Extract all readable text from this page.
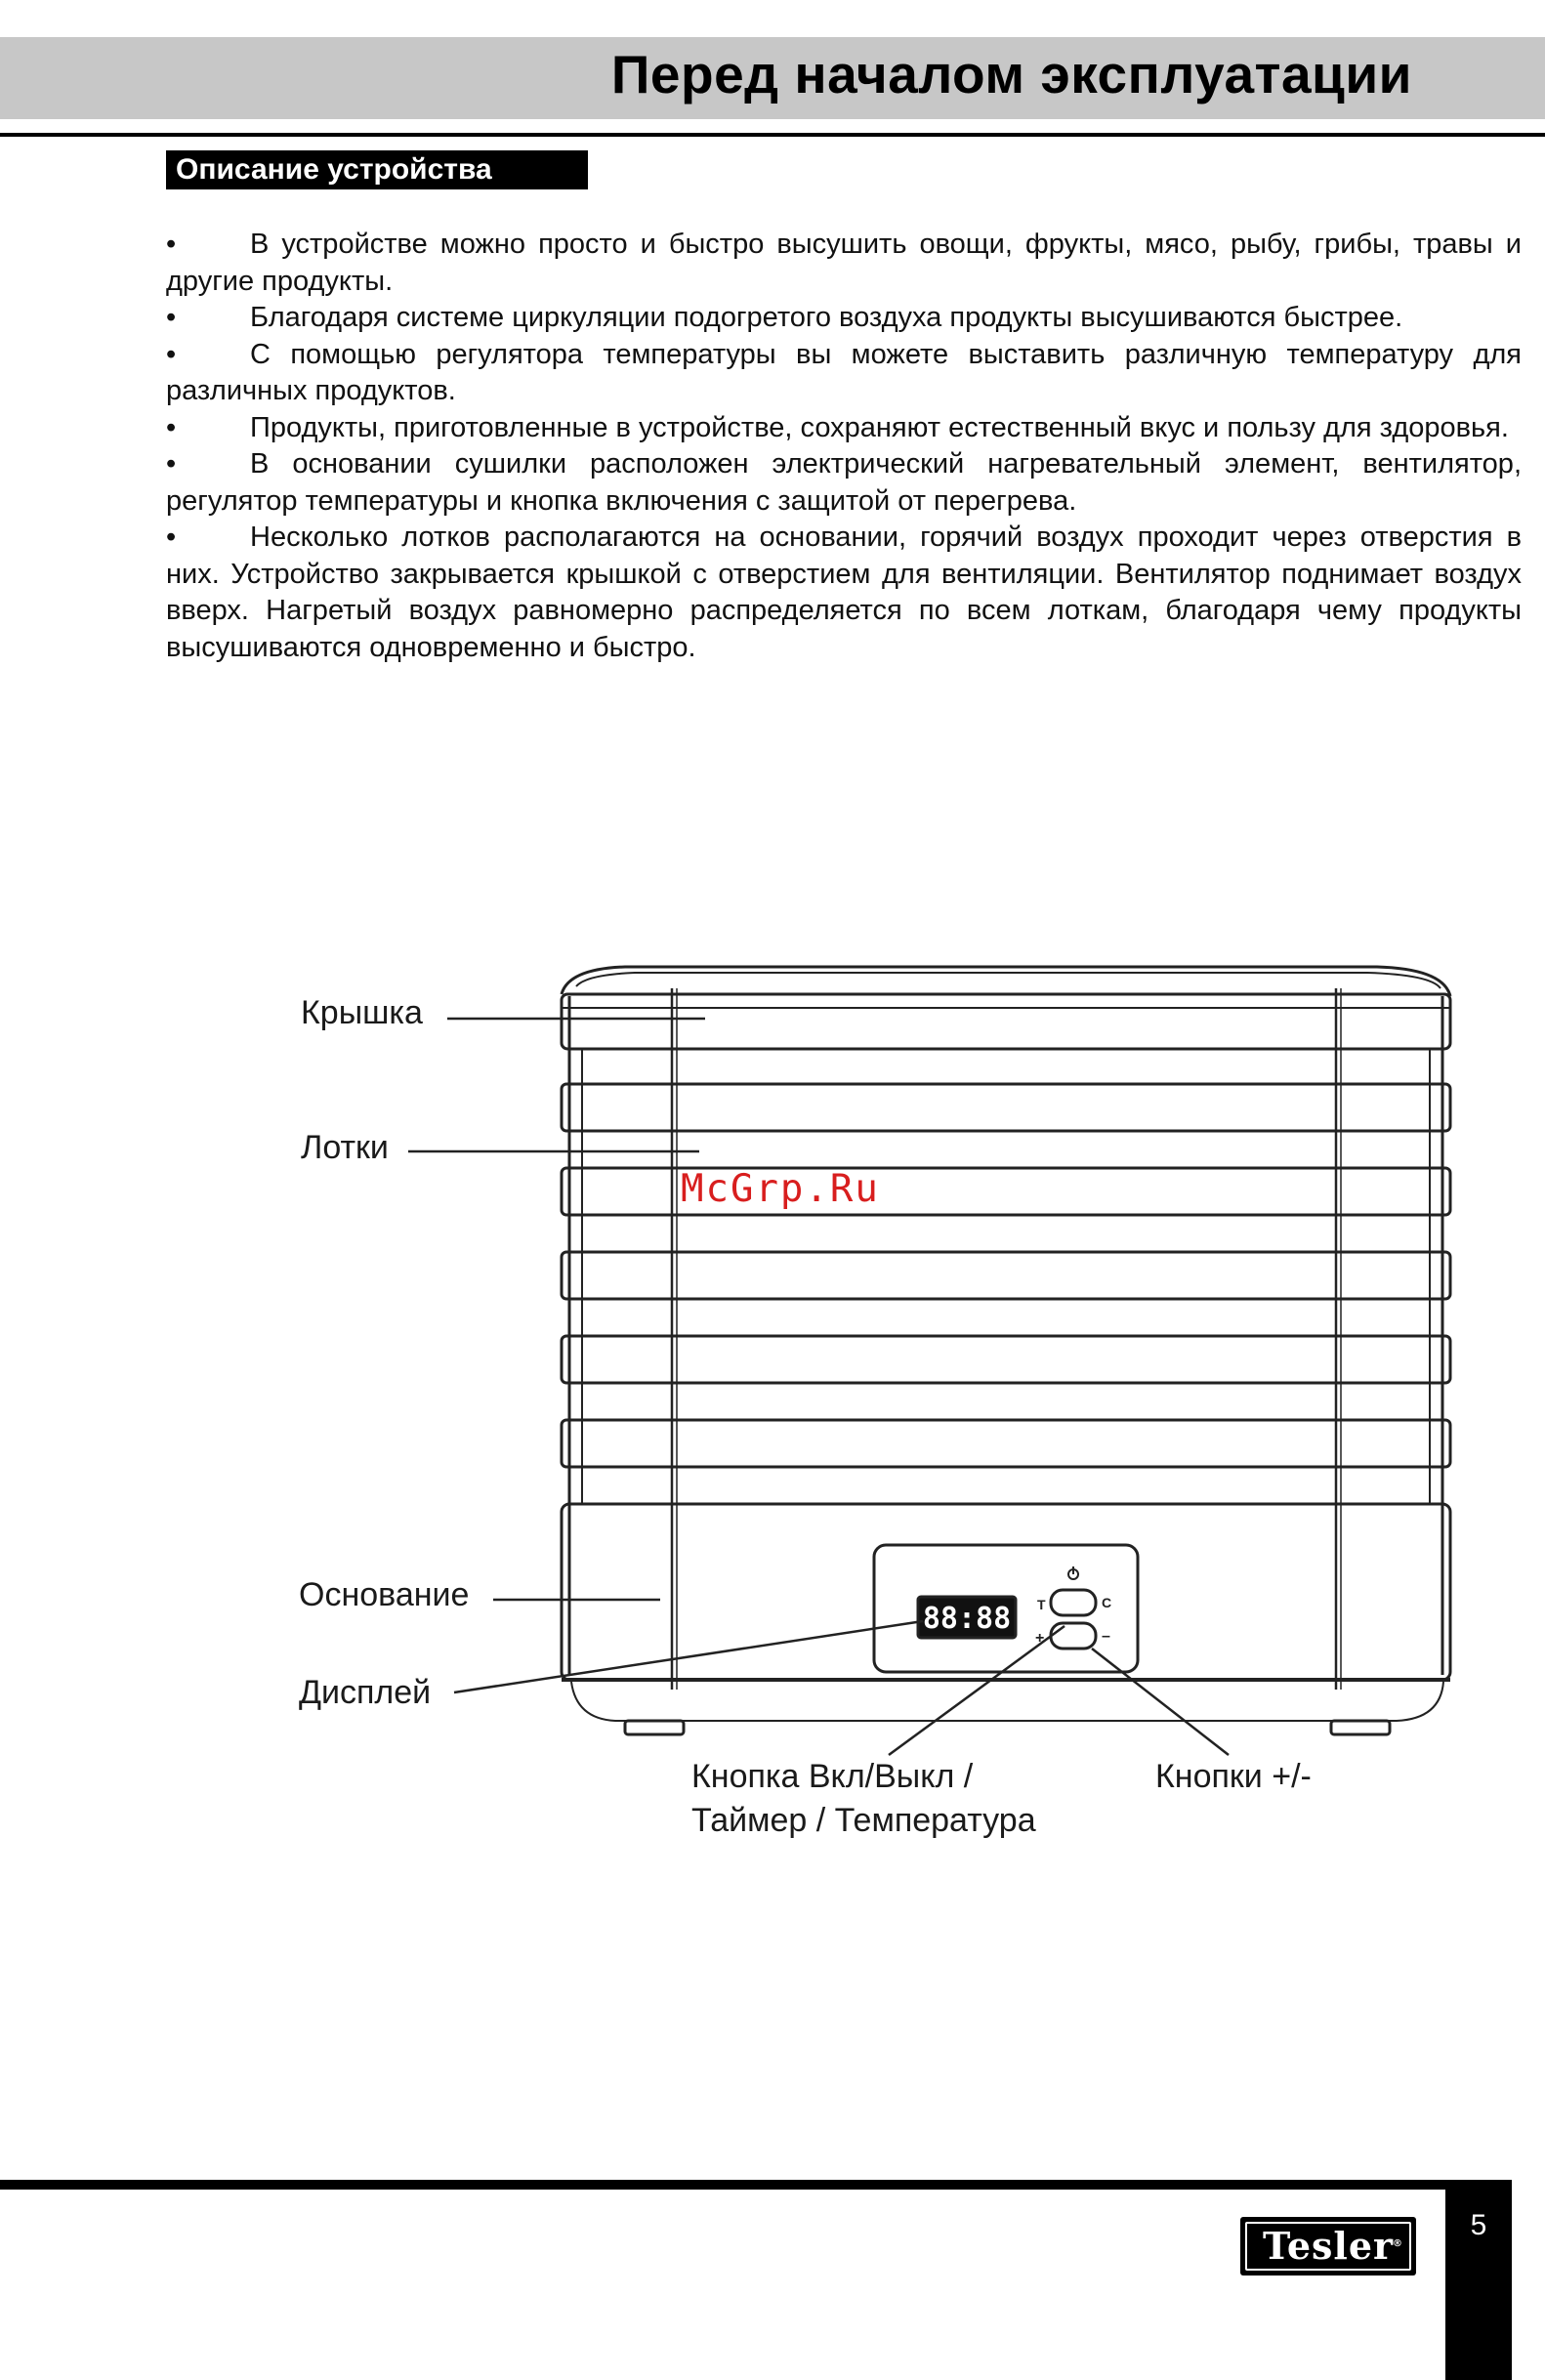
Перед началом эксплуатации
Описание устройства
•	В устройстве можно просто и быстро высушить овощи, фрукты, мясо, рыбу, грибы, травы и другие продукты.
•	Благодаря системе циркуляции подогретого воздуха продукты высушиваются быстрее.
•	С помощью регулятора температуры вы можете выставить различную температуру для различных продуктов.
•	Продукты, приготовленные в устройстве, сохраняют естественный вкус и пользу для здоровья.
•	В основании сушилки расположен электрический нагревательный элемент, вентилятор, регулятор температуры и кнопка включения с защитой от перегрева.
•	Несколько лотков располагаются на основании, горячий воздух проходит через отверстия в них. Устройство закрывается крышкой с отверстием для вентиляции. Вентилятор поднимает воздух вверх. Нагретый воздух равномерно распределяется по всем лоткам, благодаря чему продукты высушиваются одновременно и быстро.
88:88 T	C
+	–
Крышка
Лотки
Основание
Дисплей
Кнопка Вкл/Выкл /
Таймер / Температура
Кнопки +/-
McGrp.Ru
5
Tesler
®
